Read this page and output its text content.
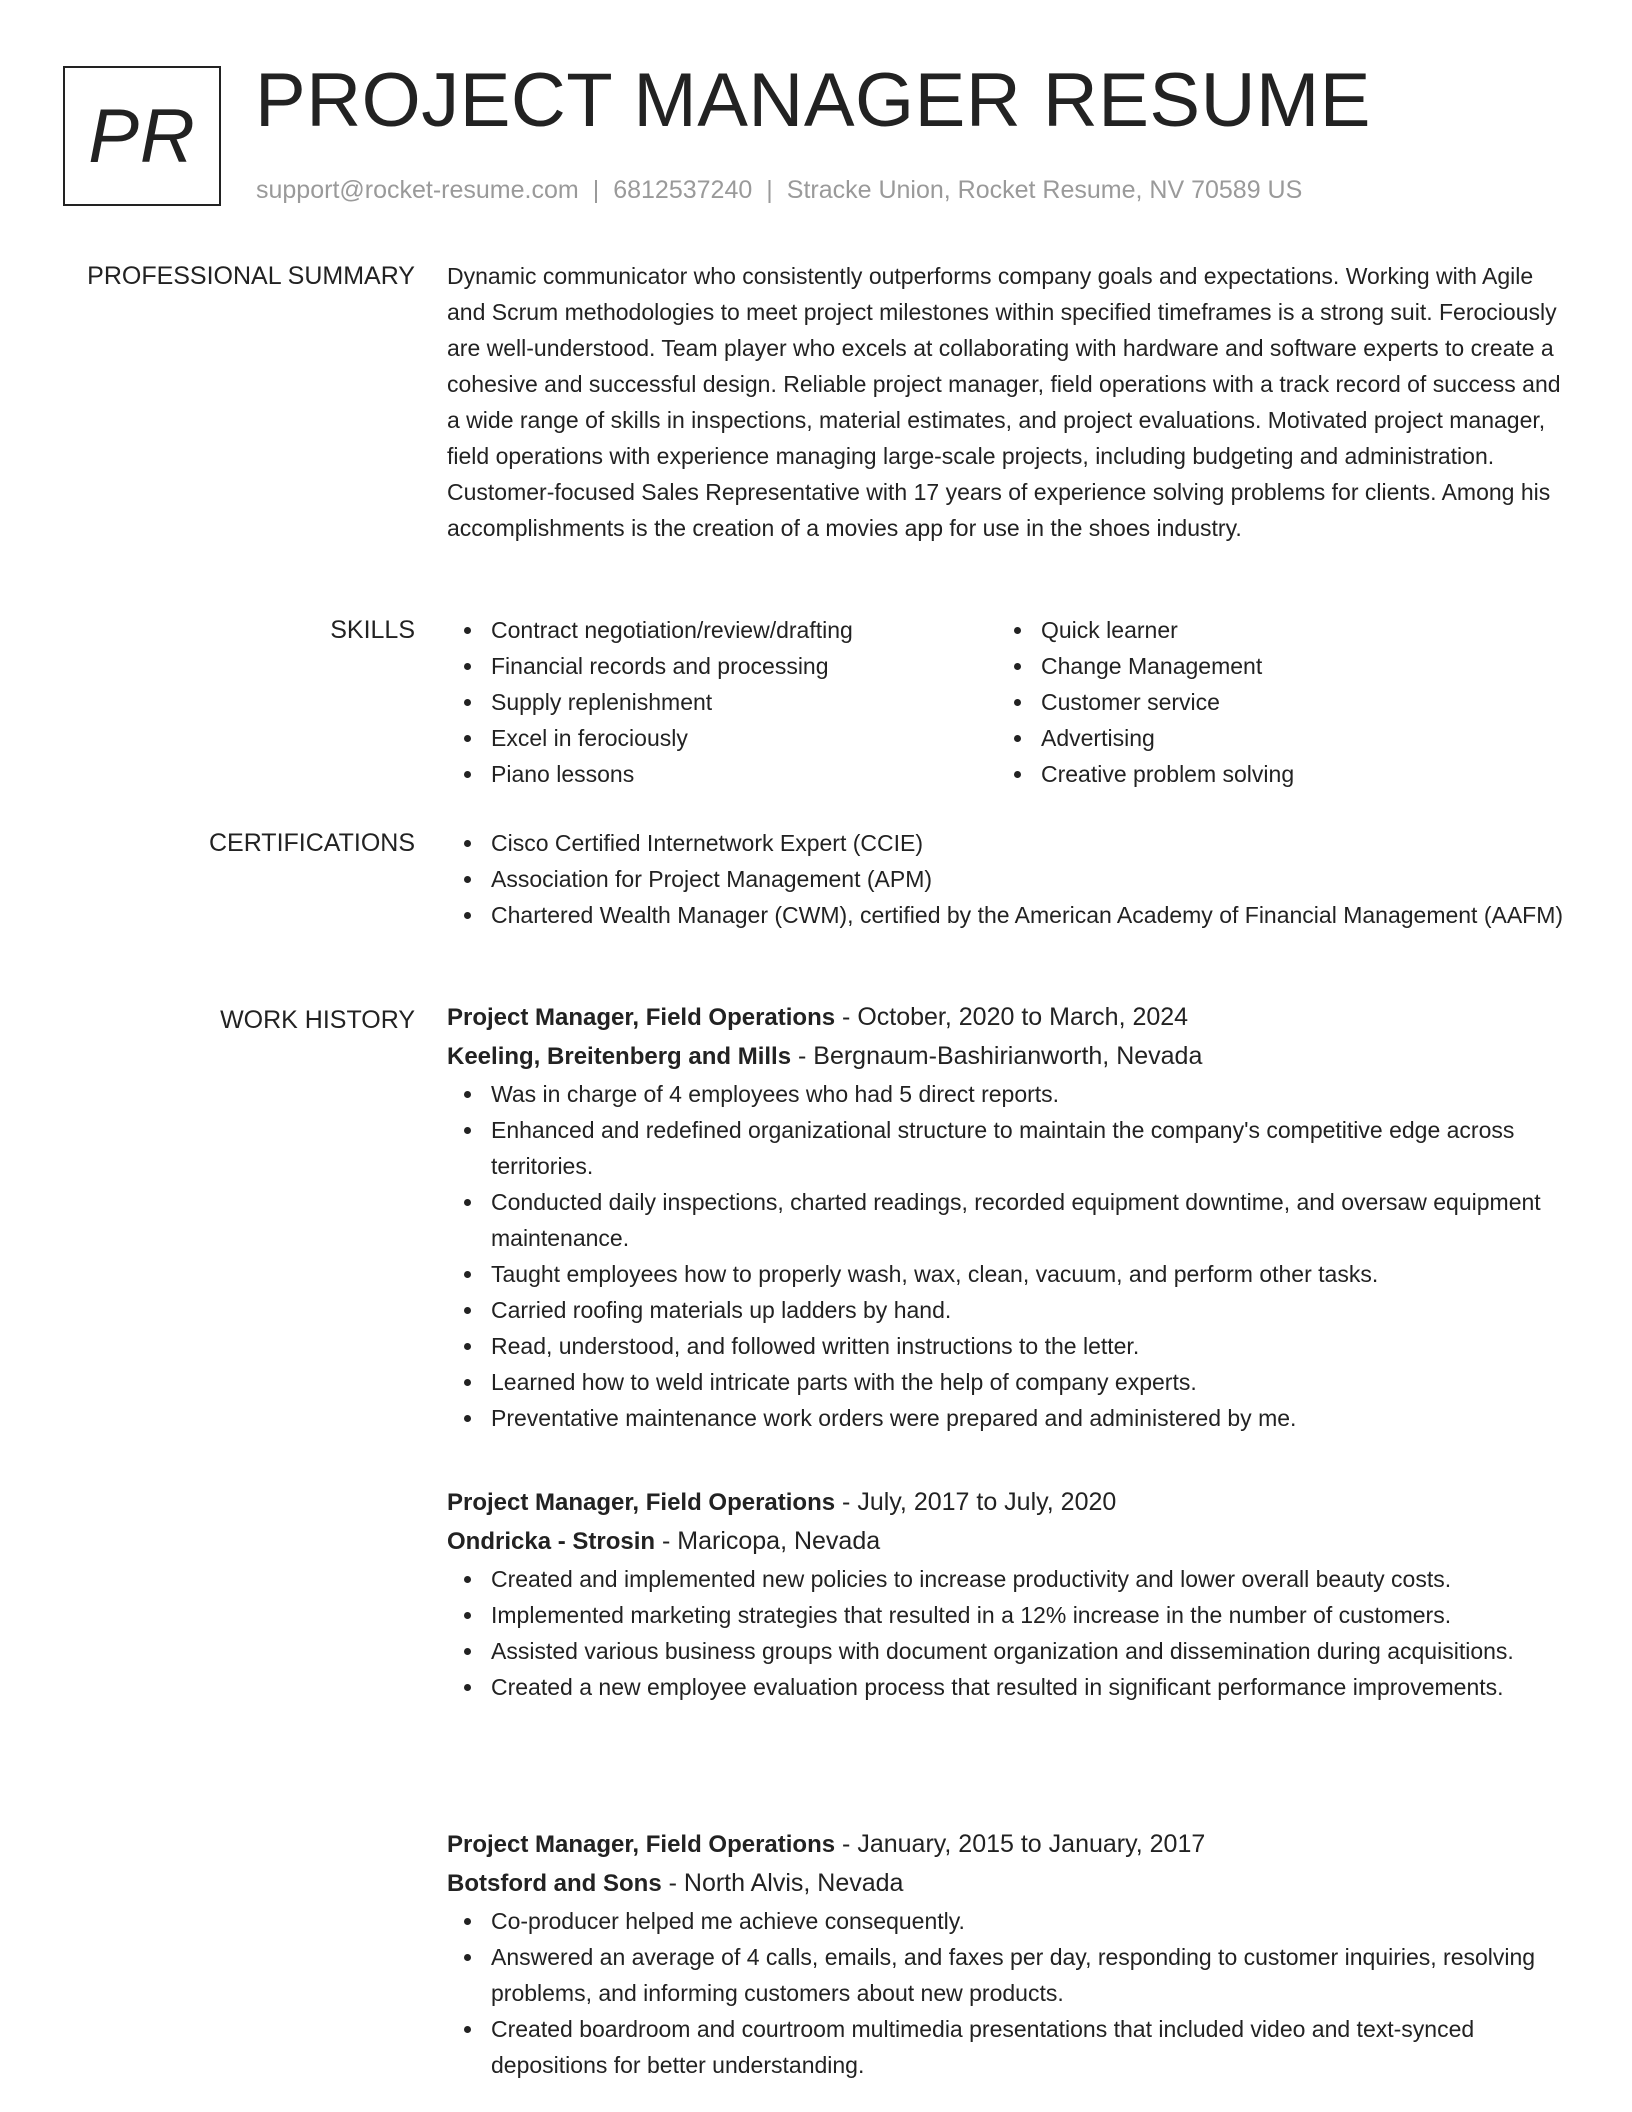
PR PROJECT MANAGER RESUME
support@rocket-resume.com | 6812537240 | Stracke Union, Rocket Resume, NV 70589 US
PROFESSIONAL SUMMARY Dynamic communicator who consistently outperforms company goals and expectations. Working with Agile and Scrum methodologies to meet project milestones within specified timeframes is a strong suit. Ferociously are well-understood. Team player who excels at collaborating with hardware and software experts to create a cohesive and successful design. Reliable project manager, field operations with a track record of success and a wide range of skills in inspections, material estimates, and project evaluations. Motivated project manager, field operations with experience managing large-scale projects, including budgeting and administration. Customer-focused Sales Representative with 17 years of experience solving problems for clients. Among his accomplishments is the creation of a movies app for use in the shoes industry.

SKILLS	Contract negotiation/review/drafting
Financial records and processing
Supply replenishment
Excel in ferociously
Piano lessons
Quick learner
Change Management
Customer service
Advertising
Creative problem solving
CERTIFICATIONS	Cisco Certified Internetwork Expert (CCIE)
Association for Project Management (APM)
Chartered Wealth Manager (CWM), certified by the American Academy of Financial Management (AAFM)
WORK HISTORY Project Manager, Field Operations - October, 2020 to March, 2024
Keeling, Breitenberg and Mills - Bergnaum-Bashirianworth, Nevada
Was in charge of 4 employees who had 5 direct reports.
Enhanced and redefined organizational structure to maintain the company's competitive edge across territories.
Conducted daily inspections, charted readings, recorded equipment downtime, and oversaw equipment maintenance.
Taught employees how to properly wash, wax, clean, vacuum, and perform other tasks.
Carried roofing materials up ladders by hand.
Read, understood, and followed written instructions to the letter.
Learned how to weld intricate parts with the help of company experts.
Preventative maintenance work orders were prepared and administered by me.
Project Manager, Field Operations - July, 2017 to July, 2020
Ondricka - Strosin - Maricopa, Nevada
Created and implemented new policies to increase productivity and lower overall beauty costs.
Implemented marketing strategies that resulted in a 12% increase in the number of customers.
Assisted various business groups with document organization and dissemination during acquisitions.
Created a new employee evaluation process that resulted in significant performance improvements.
Project Manager, Field Operations - January, 2015 to January, 2017
Botsford and Sons - North Alvis, Nevada
Co-producer helped me achieve consequently.
Answered an average of 4 calls, emails, and faxes per day, responding to customer inquiries, resolving problems, and informing customers about new products.
Created boardroom and courtroom multimedia presentations that included video and text-synced depositions for better understanding.
